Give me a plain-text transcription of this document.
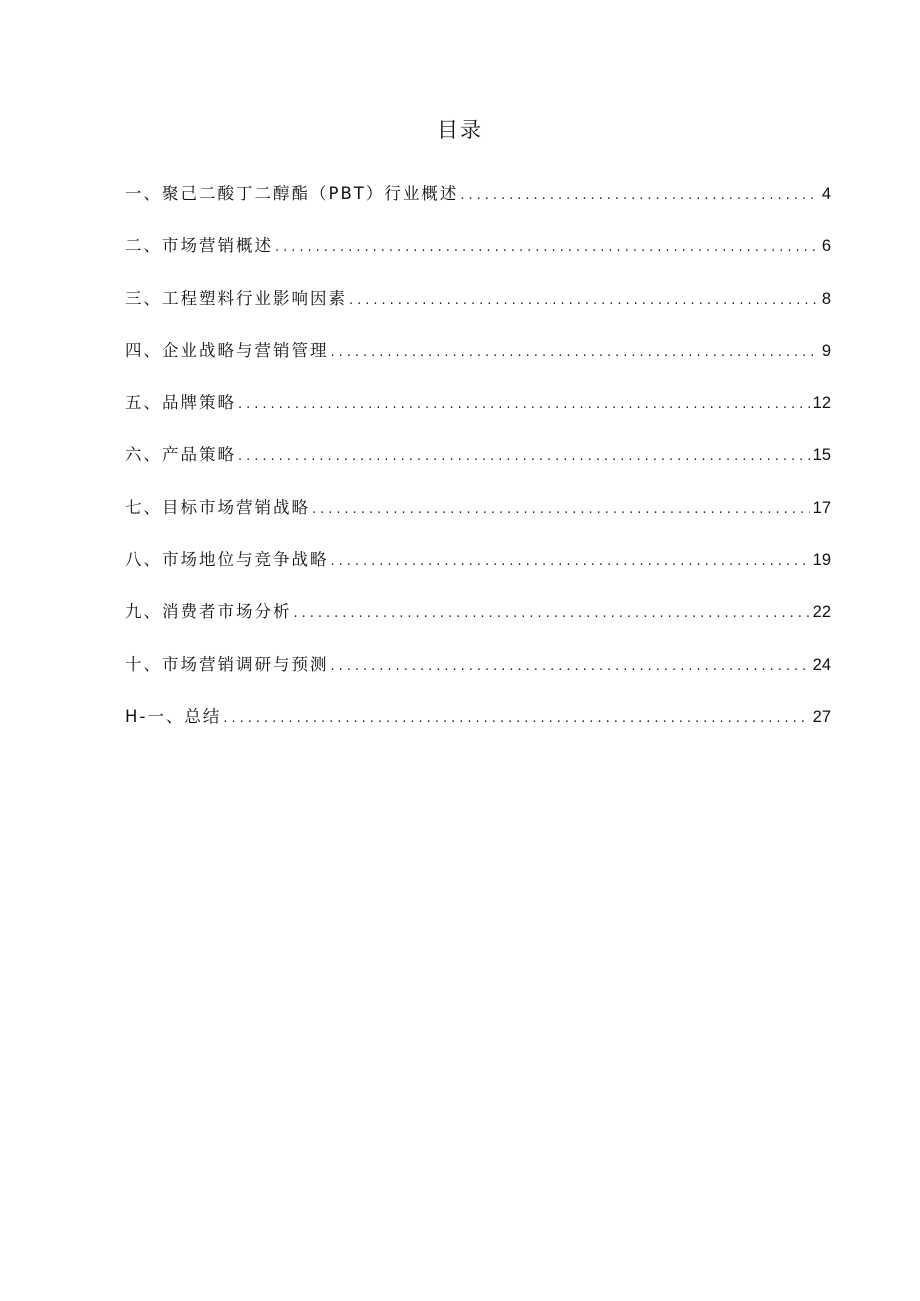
目录
一、聚己二酸丁二醇酯（PBT）行业概述 .....	4
二、市场营销概述 .....	6
三、工程塑料行业影响因素 .....	8
四、企业战略与营销管理 .....	9
五、品牌策略 .....	12
六、产品策略 .....	15
七、目标市场营销战略 .....	17
八、市场地位与竞争战略 .....	19
九、消费者市场分析 .....	22
十、市场营销调研与预测 .....	24
H-一、总结 .....	27
